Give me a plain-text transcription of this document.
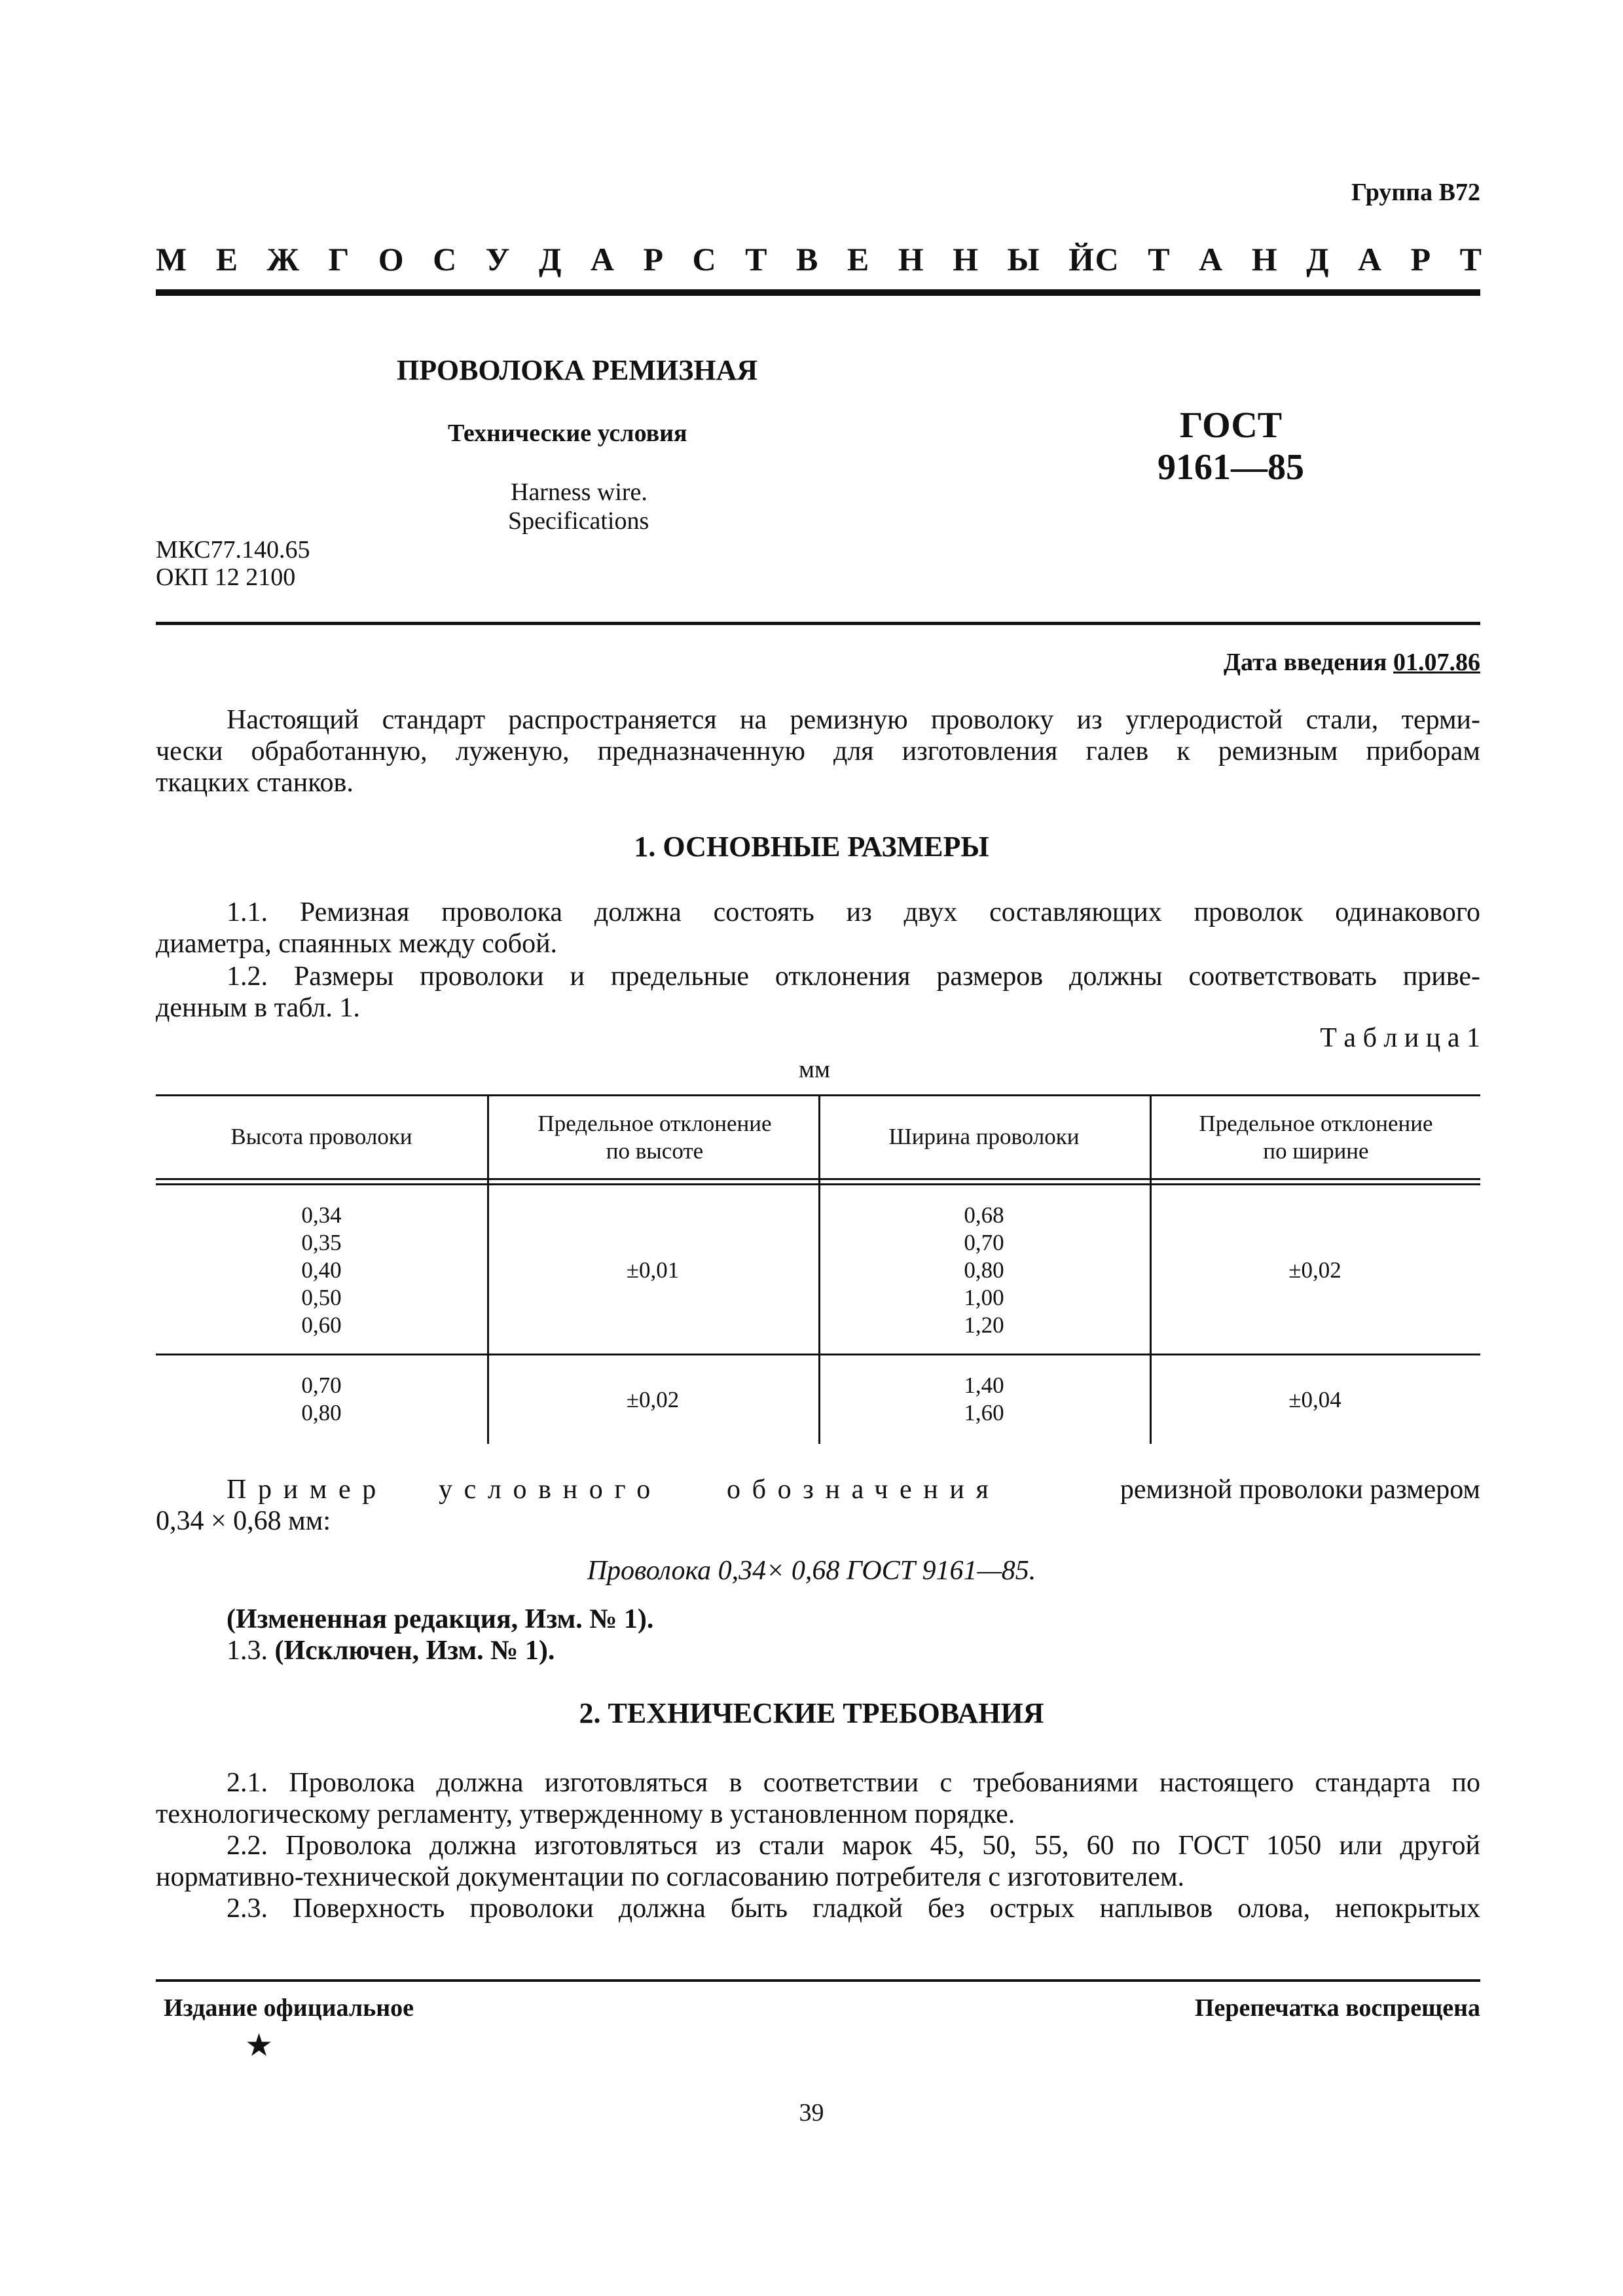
Группа В72
М Е Ж Г О С У Д А Р С Т В Е Н Н Ы Й
С Т А Н Д А Р Т
ПРОВОЛОКА РЕМИЗНАЯ
Технические условия
Harness wire.
Specifications
ГОСТ
9161—85
МКС77.140.65
ОКП 12 2100
Дата введения 01.07.86
Настоящий стандарт распространяется на ремизную проволоку из углеродистой стали, терми-
чески обработанную, луженую, предназначенную для изготовления галев к ремизным приборам
ткацких станков.
1. ОСНОВНЫЕ РАЗМЕРЫ
1.1. Ремизная проволока должна состоять из двух составляющих проволок одинакового
диаметра, спаянных между собой.
1.2. Размеры проволоки и предельные отклонения размеров должны соответствовать приве-
денным в табл. 1.
Т а б л и ц а 1
мм
Высота проволоки
Предельное отклонение по высоте
Ширина проволоки
Предельное отклонение по ширине
0,34
0,35
0,40
0,50
0,60
±0,01
0,68
0,70
0,80
1,00
1,20
±0,02
0,70
0,80
±0,02
1,40
1,60
±0,04
Пример условного обозначения	ремизной проволоки размером
0,34 × 0,68 мм:
Проволока 0,34× 0,68 ГОСТ 9161—85.
(Измененная редакция, Изм. № 1).
1.3. (Исключен, Изм. № 1).
2. ТЕХНИЧЕСКИЕ ТРЕБОВАНИЯ
2.1. Проволока должна изготовляться в соответствии с требованиями настоящего стандарта по
технологическому регламенту, утвержденному в установленном порядке.
2.2. Проволока должна изготовляться из стали марок 45, 50, 55, 60 по ГОСТ 1050 или другой
нормативно-технической документации по согласованию потребителя с изготовителем.
2.3. Поверхность проволоки должна быть гладкой без острых наплывов олова, непокрытых
Издание официальное	Перепечатка воспрещена
★
39
